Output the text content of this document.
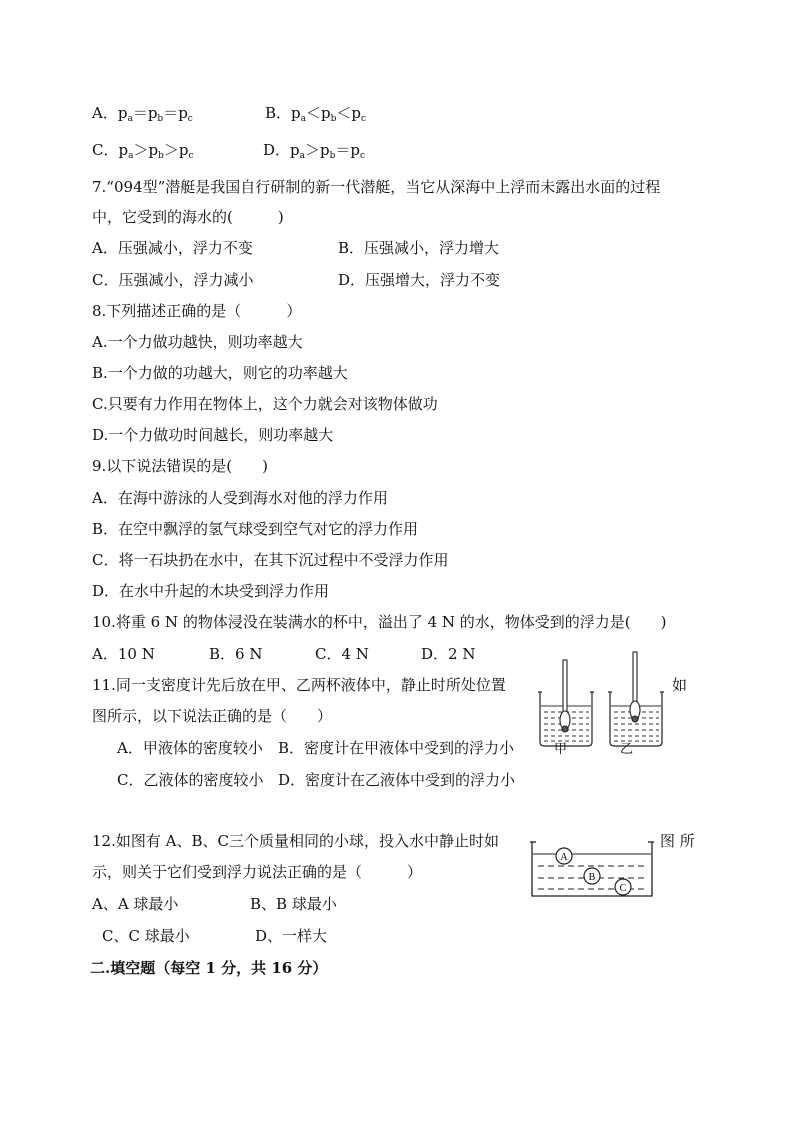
A．$p_a=p_b=p_c$	B．$p_a<p_b<p_c$
C．$p_a>p_b>p_c$	D．$p_a>p_b=p_c$
7.“094型”潜艇是我国自行研制的新一代潜艇，当它从深海中上浮而未露出水面的过程
中，它受到的海水的(　　　)
A．压强减小，浮力不变	B．压强减小，浮力增大
C．压强减小，浮力减小	D．压强增大，浮力不变
8.下列描述正确的是（　　　）
A.一个力做功越快，则功率越大
B.一个力做的功越大，则它的功率越大
C.只要有力作用在物体上，这个力就会对该物体做功
D.一个力做功时间越长，则功率越大
9.以下说法错误的是(　　)
A．在海中游泳的人受到海水对他的浮力作用
B．在空中飘浮的氢气球受到空气对它的浮力作用
C．将一石块扔在水中，在其下沉过程中不受浮力作用
D．在水中升起的木块受到浮力作用
10.将重 6 N 的物体浸没在装满水的杯中，溢出了 4 N 的水，物体受到的浮力是(　　)
A．10 N	B．6 N	C．4 N	D．2 N
11.同一支密度计先后放在甲、乙两杯液体中，静止时所处位置	如
图所示，以下说法正确的是（　　）
A．甲液体的密度较小 B．密度计在甲液体中受到的浮力小
C．乙液体的密度较小 D．密度计在乙液体中受到的浮力小
甲	乙
12.如图有 A、B、C三个质量相同的小球，投入水中静止时如	图 所
示，则关于它们受到浮力说法正确的是（　　　）
A、A 球最小	B、B 球最小
C、C 球最小	D、一样大
A
B
C
二.填空题（每空 1 分，共 16 分）
